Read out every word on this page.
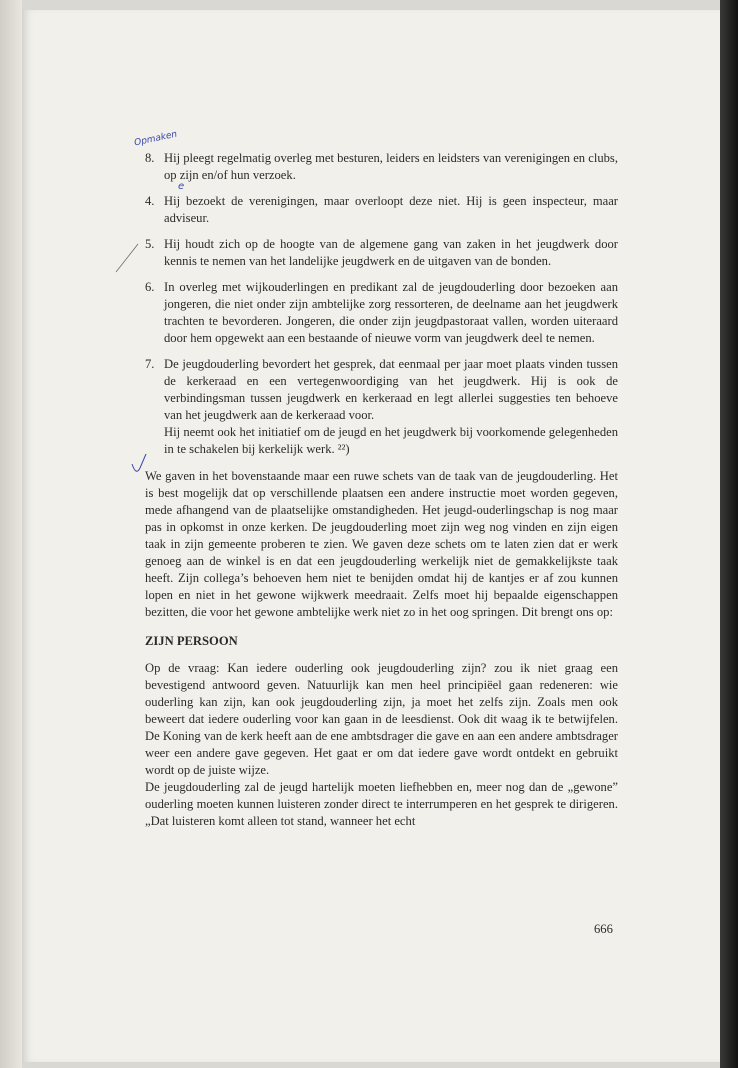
Opmaken
e
8. Hij pleegt regelmatig overleg met besturen, leiders en leidsters van verenigingen en clubs, op zijn en/of hun verzoek.

4. Hij bezoekt de verenigingen, maar overloopt deze niet. Hij is geen inspecteur, maar adviseur.

5. Hij houdt zich op de hoogte van de algemene gang van zaken in het jeugdwerk door kennis te nemen van het landelijke jeugdwerk en de uitgaven van de bonden.

6. In overleg met wijkouderlingen en predikant zal de jeugdouderling door bezoeken aan jongeren, die niet onder zijn ambtelijke zorg ressorteren, de deelname aan het jeugdwerk trachten te bevorderen. Jongeren, die onder zijn jeugdpastoraat vallen, worden uiteraard door hem opgewekt aan een bestaande of nieuwe vorm van jeugdwerk deel te nemen.

7. De jeugdouderling bevordert het gesprek, dat eenmaal per jaar moet plaats vinden tussen de kerkeraad en een vertegenwoordiging van het jeugdwerk. Hij is ook de verbindingsman tussen jeugdwerk en kerkeraad en legt allerlei suggesties ten behoeve van het jeugdwerk aan de kerkeraad voor.

Hij neemt ook het initiatief om de jeugd en het jeugdwerk bij voorkomende gelegenheden in te schakelen bij kerkelijk werk. ²²)

We gaven in het bovenstaande maar een ruwe schets van de taak van de jeugdouderling. Het is best mogelijk dat op verschillende plaatsen een andere instructie moet worden gegeven, mede afhangend van de plaatselijke omstandigheden. Het jeugd-ouderlingschap is nog maar pas in opkomst in onze kerken. De jeugdouderling moet zijn weg nog vinden en zijn eigen taak in zijn gemeente proberen te zien. We gaven deze schets om te laten zien dat er werk genoeg aan de winkel is en dat een jeugdouderling werkelijk niet de gemakkelijkste taak heeft. Zijn collega’s behoeven hem niet te benijden omdat hij de kantjes er af zou kunnen lopen en niet in het gewone wijkwerk meedraait. Zelfs moet hij bepaalde eigenschappen bezitten, die voor het gewone ambtelijke werk niet zo in het oog springen. Dit brengt ons op:

ZIJN PERSOON

Op de vraag: Kan iedere ouderling ook jeugdouderling zijn? zou ik niet graag een bevestigend antwoord geven. Natuurlijk kan men heel principiëel gaan redeneren: wie ouderling kan zijn, kan ook jeugdouderling zijn, ja moet het zelfs zijn. Zoals men ook beweert dat iedere ouderling voor kan gaan in de leesdienst. Ook dit waag ik te betwijfelen. De Koning van de kerk heeft aan de ene ambtsdrager die gave en aan een andere ambtsdrager weer een andere gave gegeven. Het gaat er om dat iedere gave wordt ontdekt en gebruikt wordt op de juiste wijze.

De jeugdouderling zal de jeugd hartelijk moeten liefhebben en, meer nog dan de „gewone” ouderling moeten kunnen luisteren zonder direct te interrumperen en het gesprek te dirigeren. „Dat luisteren komt alleen tot stand, wanneer het echt

666
